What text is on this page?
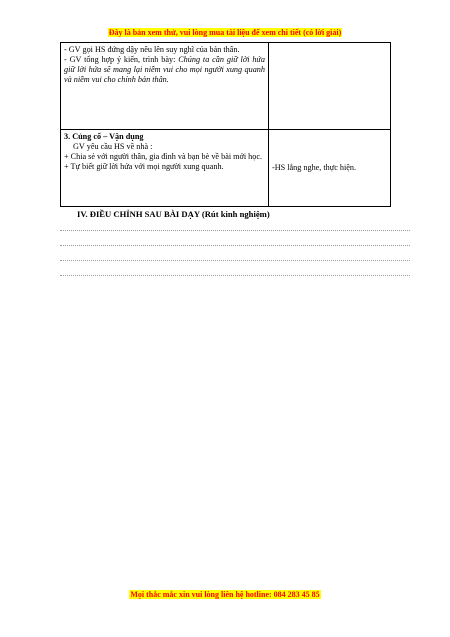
Đây là bản xem thử, vui lòng mua tài liệu để xem chi tiết (có lời giải)

- GV gọi HS đứng dậy nêu lên suy nghĩ của bản thân.

- GV tổng hợp ý kiến, trình bày: Chúng ta cần giữ lời hứa giữ lời hứa sẽ mang lại niềm vui cho mọi người xung quanh và niềm vui cho chính bản thân.	

3. Củng cố – Vận dụng
GV yêu cầu HS về nhà :

+ Chia sẻ với người thân, gia đình và bạn bè về bài mới học.

+ Tự biết giữ lời hứa với mọi người xung quanh.	-HS lắng nghe, thực hiện.
IV. ĐIỀU CHỈNH SAU BÀI DẠY (Rút kinh nghiệm)
Mọi thắc mắc xin vui lòng liên hệ hotline: 084 283 45 85
